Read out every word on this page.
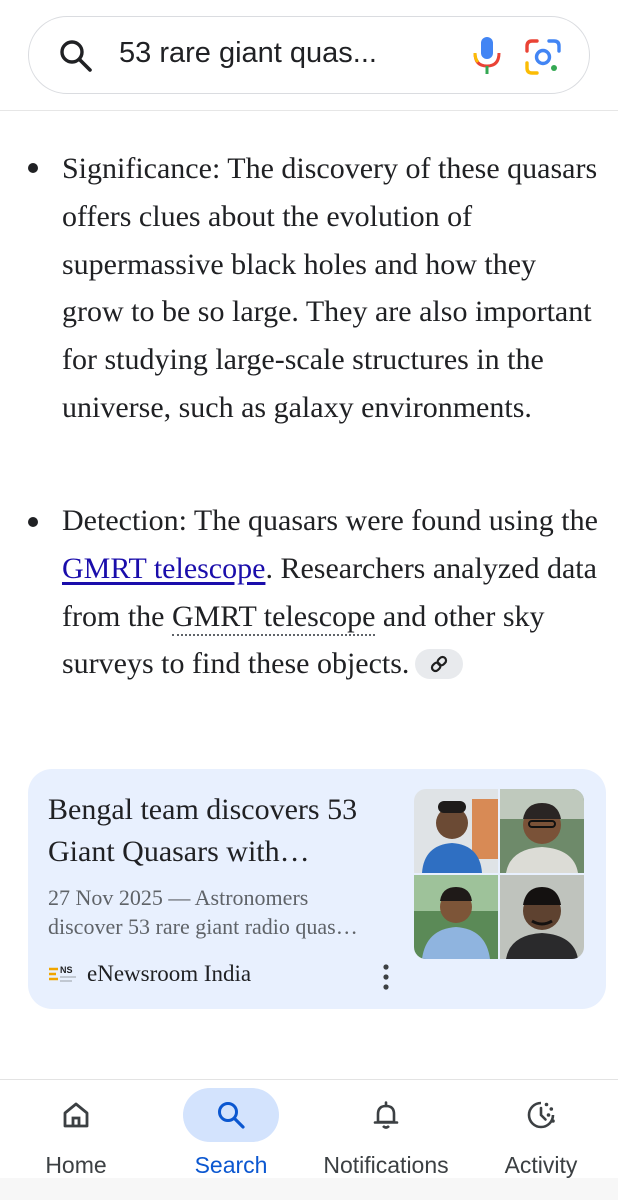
53 rare giant quas...
Significance: The discovery of these quasars offers clues about the evolution of supermassive black holes and how they grow to be so large. They are also important for studying large-scale structures in the universe, such as galaxy environments.
Detection: The quasars were found using the GMRT telescope. Researchers analyzed data from the GMRT telescope and other sky surveys to find these objects.
Bengal team discovers 53 Giant Quasars with…
27 Nov 2025 — Astronomers
discover 53 rare giant radio quas…
NS eNewsroom India
Home	Search	Notifications	Activity
